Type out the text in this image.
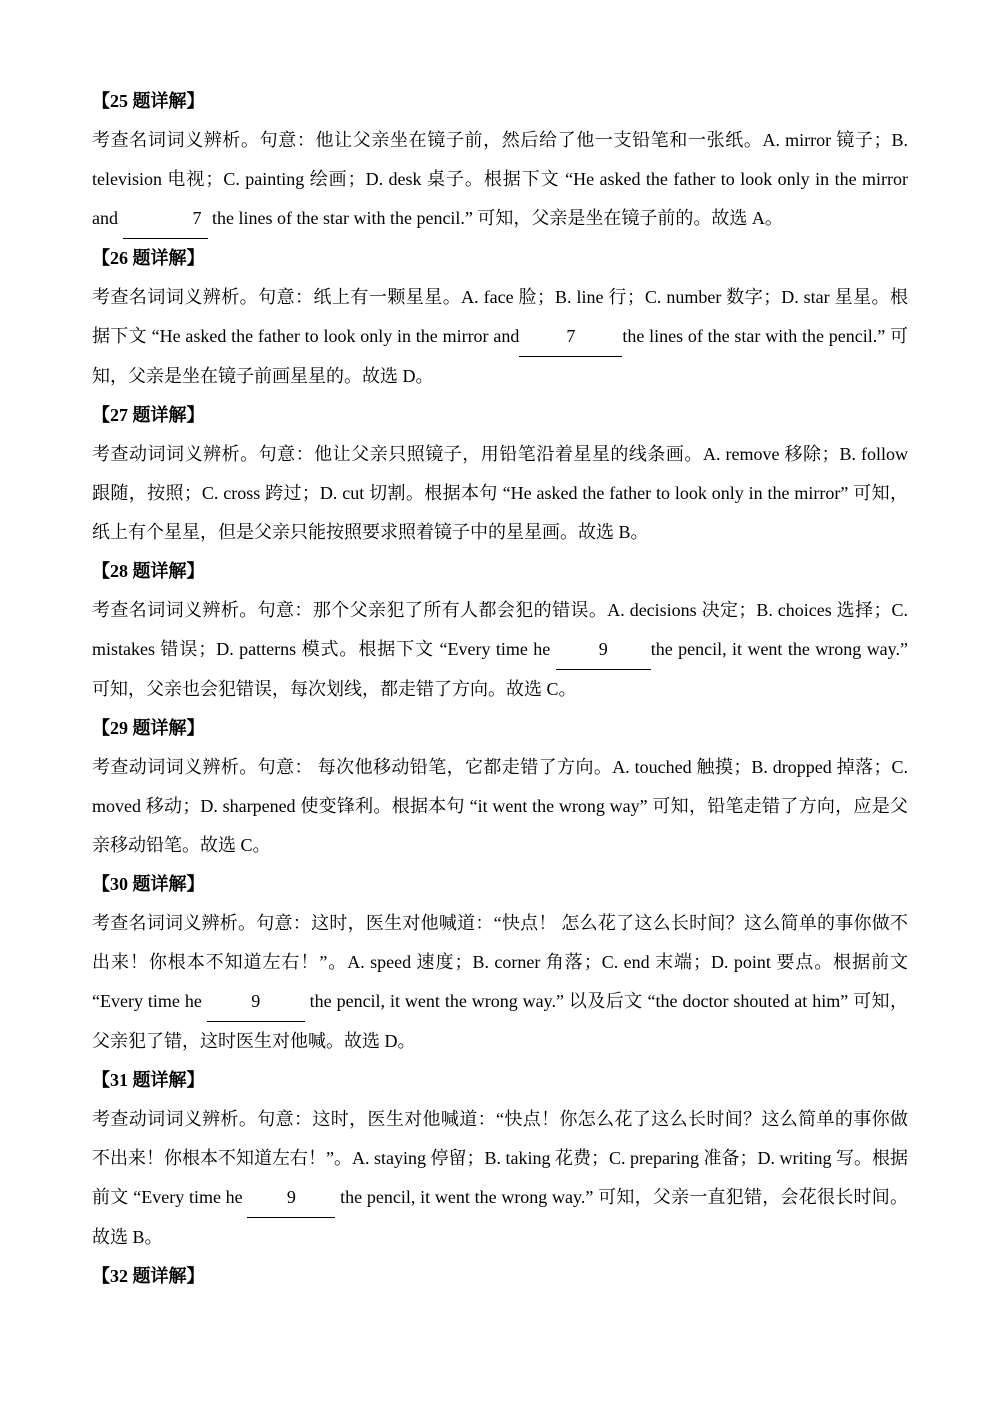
【25 题详解】

考查名词词义辨析。句意：他让父亲坐在镜子前，然后给了他一支铅笔和一张纸。A. mirror 镜子；B. television 电视；C. painting 绘画；D. desk 桌子。根据下文 “He asked the father to look only in the mirror and	7 the lines of the star with the pencil.” 可知，父亲是坐在镜子前的。故选 A。

【26 题详解】

考查名词词义辨析。句意：纸上有一颗星星。A. face 脸；B. line 行；C. number 数字；D. star 星星。根据下文 “He asked the father to look only in the mirror and	7	the lines of the star with the pencil.” 可知，父亲是坐在镜子前画星星的。故选 D。

【27 题详解】

考查动词词义辨析。句意：他让父亲只照镜子，用铅笔沿着星星的线条画。A. remove 移除；B. follow 跟随，按照；C. cross 跨过；D. cut 切割。根据本句 “He asked the father to look only in the mirror” 可知，纸上有个星星，但是父亲只能按照要求照着镜子中的星星画。故选 B。

【28 题详解】

考查名词词义辨析。句意：那个父亲犯了所有人都会犯的错误。A. decisions 决定；B. choices 选择；C. mistakes 错误；D. patterns 模式。根据下文 “Every time he 9 the pencil, it went the wrong way.” 可知，父亲也会犯错误，每次划线，都走错了方向。故选 C。

【29 题详解】

考查动词词义辨析。句意： 每次他移动铅笔，它都走错了方向。A. touched 触摸；B. dropped 掉落；C. moved 移动；D. sharpened 使变锋利。根据本句 “it went the wrong way” 可知，铅笔走错了方向，应是父亲移动铅笔。故选 C。

【30 题详解】

考查名词词义辨析。句意：这时，医生对他喊道：“快点！ 怎么花了这么长时间？这么简单的事你做不出来！你根本不知道左右！”。A. speed 速度；B. corner 角落；C. end 末端；D. point 要点。根据前文 “Every time he 9 the pencil, it went the wrong way.” 以及后文 “the doctor shouted at him” 可知，父亲犯了错，这时医生对他喊。故选 D。

【31 题详解】

考查动词词义辨析。句意：这时，医生对他喊道：“快点！你怎么花了这么长时间？这么简单的事你做不出来！你根本不知道左右！”。A. staying 停留；B. taking 花费；C. preparing 准备；D. writing 写。根据前文 “Every time he 9 the pencil, it went the wrong way.” 可知，父亲一直犯错，会花很长时间。故选 B。

【32 题详解】
